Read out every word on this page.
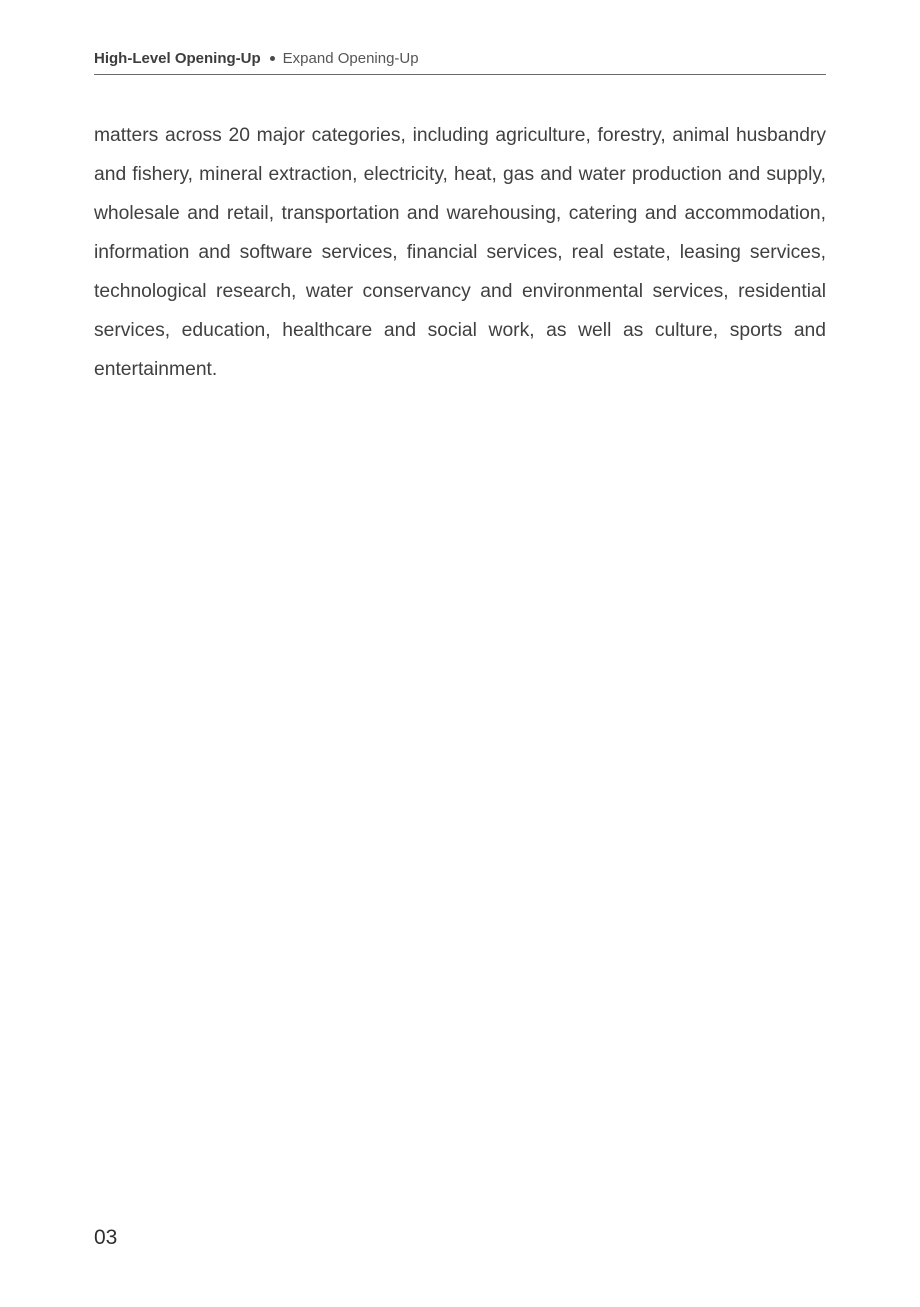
High-Level Opening-Up Expand Opening-Up

matters across 20 major categories, including agriculture, forestry, animal husbandry and fishery, mineral extraction, electricity, heat, gas and water production and supply, wholesale and retail, transportation and warehousing, catering and accommodation, information and software services, financial services, real estate, leasing services, technological research, water conservancy and environmental services, residential services, education, healthcare and social work, as well as culture, sports and entertainment.

03
